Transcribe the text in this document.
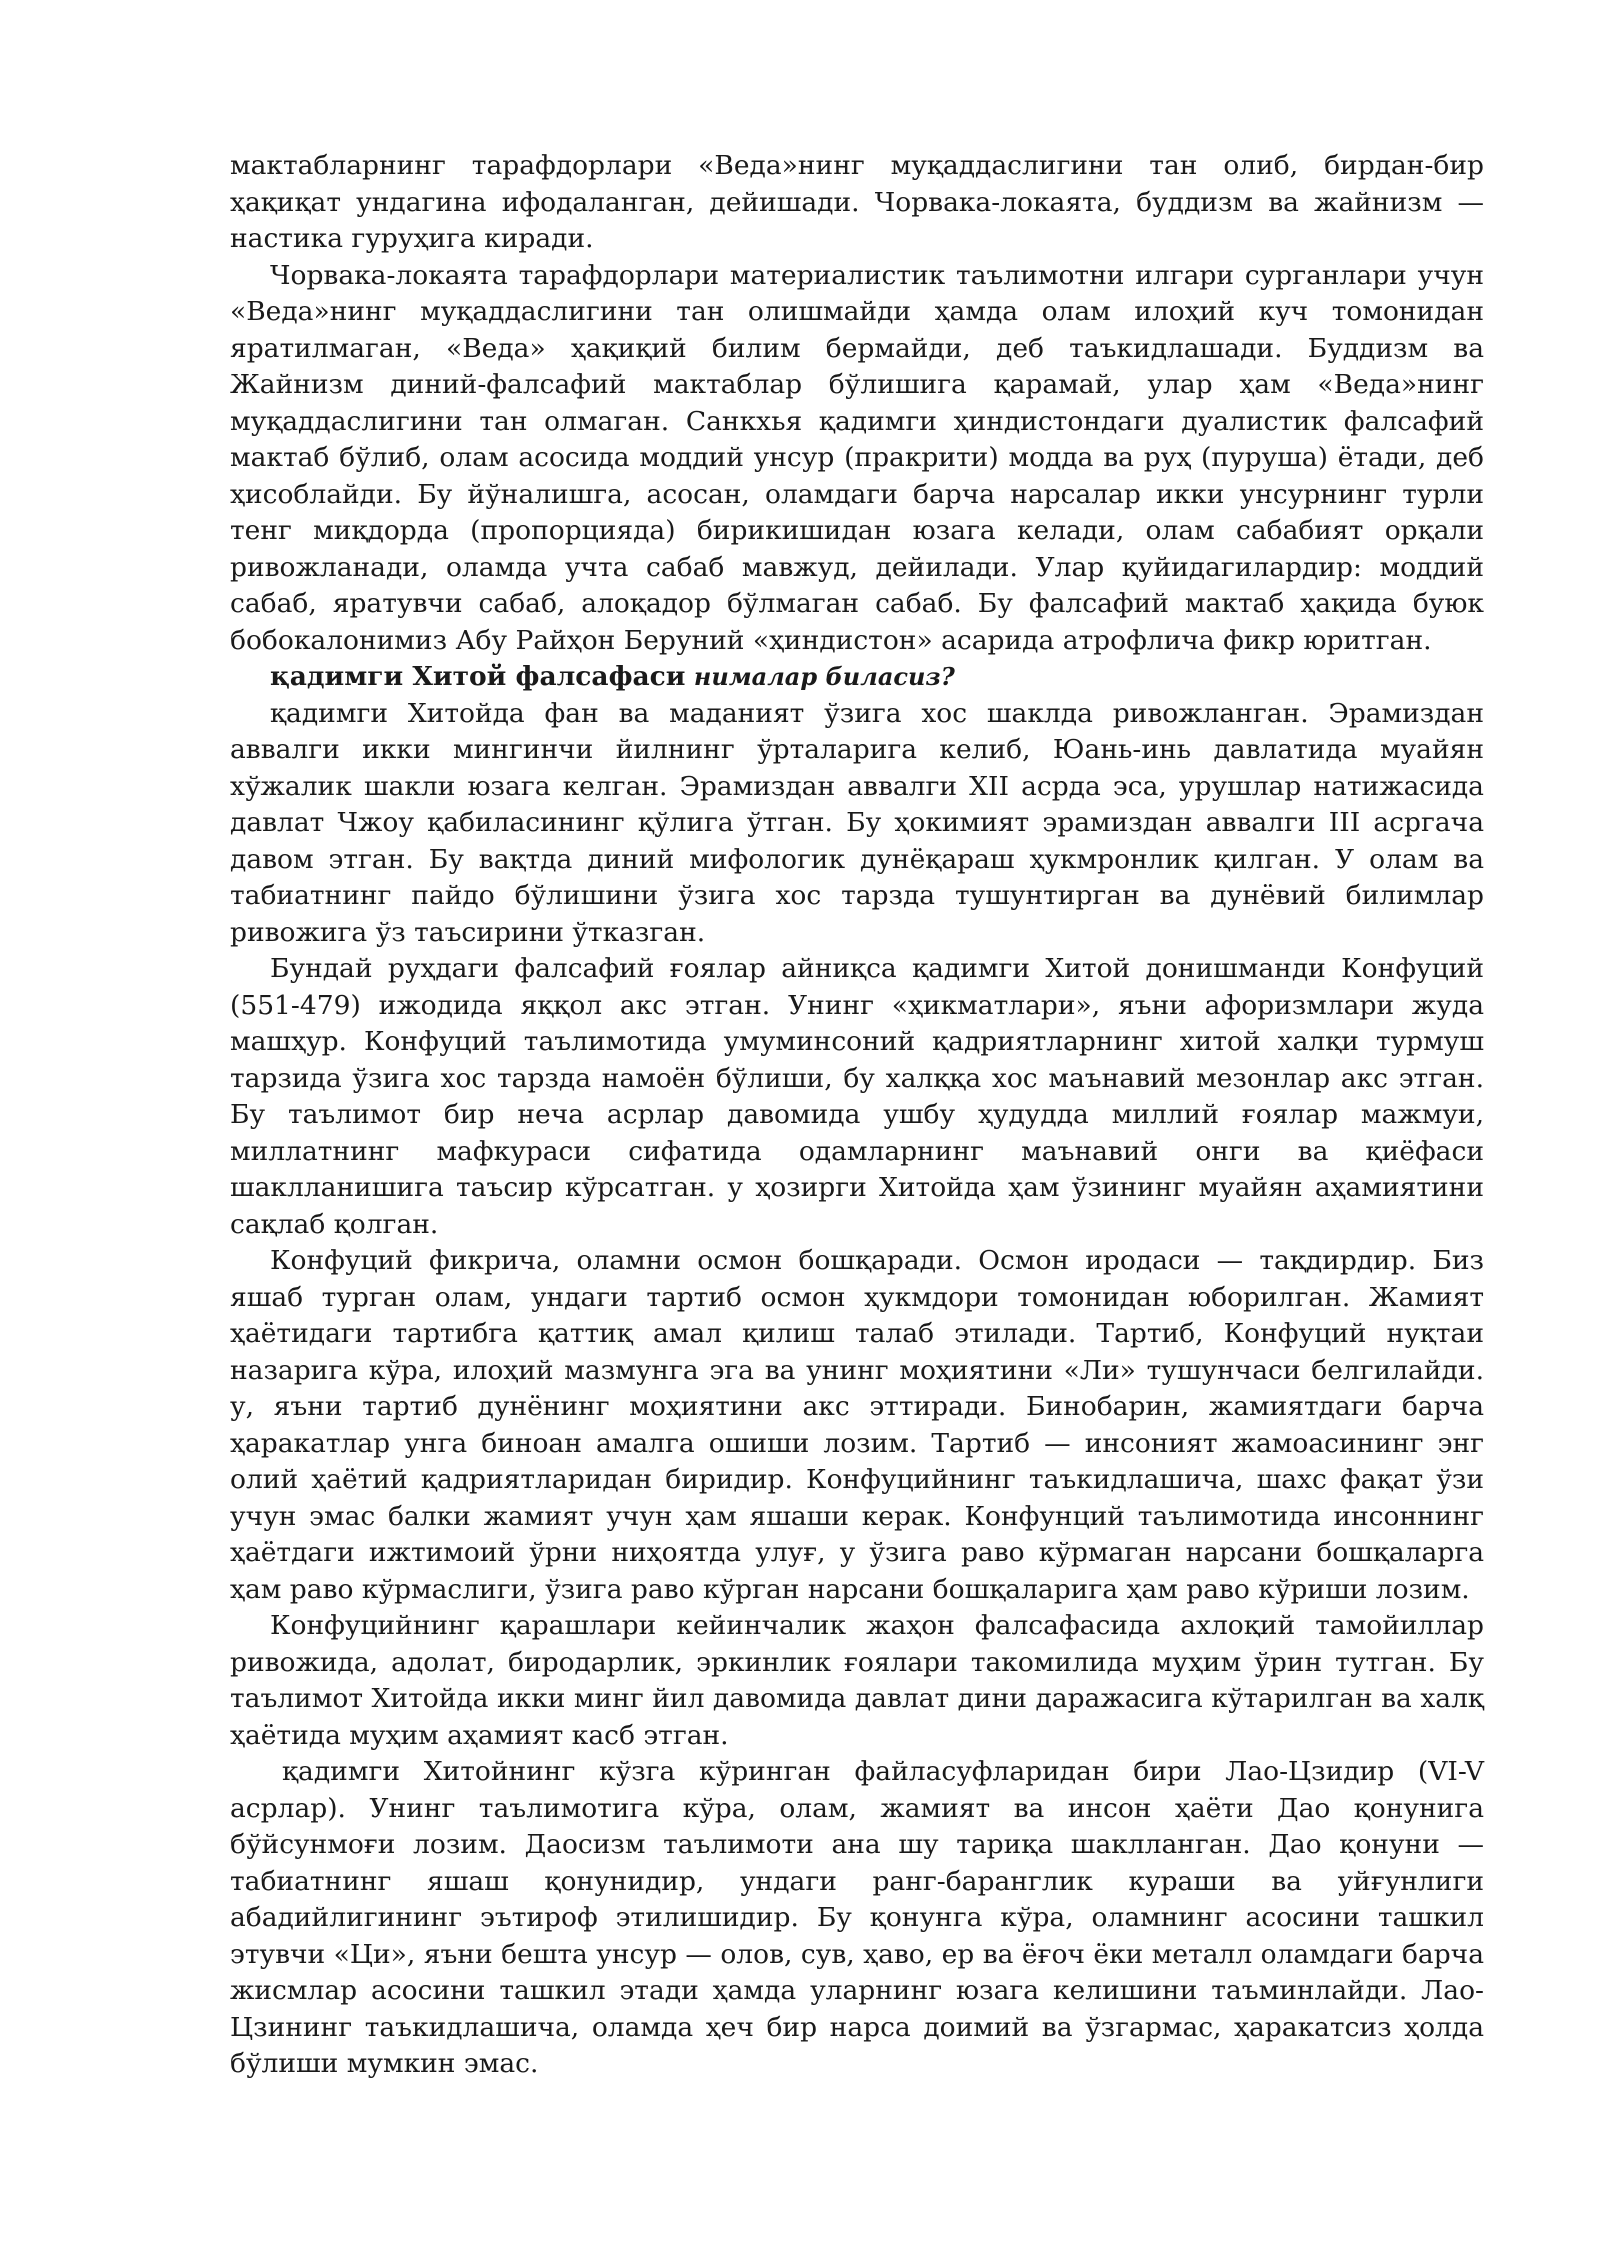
мактабларнинг тарафдорлари «Веда»нинг муқаддаслигини тан олиб, бирдан-бир ҳақиқат ундагина ифодаланган, дейишади. Чорвака-локаята, буддизм ва жайнизм — настика гуруҳига киради.

Чорвака-локаята тарафдорлари материалистик таълимотни илгари сурганлари учун «Веда»нинг муқаддаслигини тан олишмайди ҳамда олам илоҳий куч томонидан яратилмаган, «Веда» ҳақиқий билим бермайди, деб таъкидлашади. Буддизм ва Жайнизм диний-фалсафий мактаблар бўлишига қарамай, улар ҳам «Веда»нинг муқаддаслигини тан олмаган. Санкхья қадимги ҳиндистондаги дуалистик фалсафий мактаб бўлиб, олам асосида моддий унсур (пракрити) модда ва руҳ (пуруша) ётади, деб ҳисоблайди. Бу йўналишга, асосан, оламдаги барча нарсалар икки унсурнинг турли тенг миқдорда (пропорцияда) бирикишидан юзага келади, олам сабабият орқали ривожланади, оламда учта сабаб мавжуд, дейилади. Улар қуйидагилардир: моддий сабаб, яратувчи сабаб, алоқадор бўлмаган сабаб. Бу фалсафий мактаб ҳақида буюк бобокалонимиз Абу Райҳон Беруний «ҳиндистон» асарида атрофлича фикр юритган.

қадимги Хитой фалсафаси нималар биласиз?

қадимги Хитойда фан ва маданият ўзига хос шаклда ривожланган. Эрамиздан аввалги икки мингинчи йилнинг ўрталарига келиб, Юань-инь давлатида муайян хўжалик шакли юзага келган. Эрамиздан аввалги XII асрда эса, урушлар натижасида давлат Чжоу қабиласининг қўлига ўтган. Бу ҳокимият эрамиздан аввалги III асргача давом этган. Бу вақтда диний мифологик дунёқараш ҳукмронлик қилган. У олам ва табиатнинг пайдо бўлишини ўзига хос тарзда тушунтирган ва дунёвий билимлар ривожига ўз таъсирини ўтказган.

Бундай руҳдаги фалсафий ғоялар айниқса қадимги Хитой донишманди Конфуций (551-479) ижодида яққол акс этган. Унинг «ҳикматлари», яъни афоризмлари жуда машҳур. Конфуций таълимотида умуминсоний қадриятларнинг хитой халқи турмуш тарзида ўзига хос тарзда намоён бўлиши, бу халққа хос маънавий мезонлар акс этган. Бу таълимот бир неча асрлар давомида ушбу ҳудудда миллий ғоялар мажмуи, миллатнинг мафкураси сифатида одамларнинг маънавий онги ва қиёфаси шаклланишига таъсир кўрсатган. у ҳозирги Хитойда ҳам ўзининг муайян аҳамиятини сақлаб қолган.

Конфуций фикрича, оламни осмон бошқаради. Осмон иродаси — тақдирдир. Биз яшаб турган олам, ундаги тартиб осмон ҳукмдори томонидан юборилган. Жамият ҳаётидаги тартибга қаттиқ амал қилиш талаб этилади. Тартиб, Конфуций нуқтаи назарига кўра, илоҳий мазмунга эга ва унинг моҳиятини «Ли» тушунчаси белгилайди. у, яъни тартиб дунёнинг моҳиятини акс эттиради. Бинобарин, жамиятдаги барча ҳаракатлар унга биноан амалга ошиши лозим. Тартиб — инсоният жамоасининг энг олий ҳаётий қадриятларидан биридир. Конфуцийнинг таъкидлашича, шахс фақат ўзи учун эмас балки жамият учун ҳам яшаши керак. Конфунций таълимотида инсоннинг ҳаётдаги ижтимоий ўрни ниҳоятда улуғ, у ўзига раво кўрмаган нарсани бошқаларга ҳам раво кўрмаслиги, ўзига раво кўрган нарсани бошқаларига ҳам раво кўриши лозим.

Конфуцийнинг қарашлари кейинчалик жаҳон фалсафасида ахлоқий тамойиллар ривожида, адолат, биродарлик, эркинлик ғоялари такомилида муҳим ўрин тутган. Бу таълимот Хитойда икки минг йил давомида давлат дини даражасига кўтарилган ва халқ ҳаётида муҳим аҳамият касб этган.

қадимги Хитойнинг кўзга кўринган файласуфларидан бири Лао-Цзидир (VI-V асрлар). Унинг таълимотига кўра, олам, жамият ва инсон ҳаёти Дао қонунига бўйсунмоғи лозим. Даосизм таълимоти ана шу тариқа шаклланган. Дао қонуни — табиатнинг яшаш қонунидир, ундаги ранг-баранглик кураши ва уйғунлиги абадийлигининг эътироф этилишидир. Бу қонунга кўра, оламнинг асосини ташкил этувчи «Ци», яъни бешта унсур — олов, сув, ҳаво, ер ва ёғоч ёки металл оламдаги барча жисмлар асосини ташкил этади ҳамда уларнинг юзага келишини таъминлайди. Лао-Цзининг таъкидлашича, оламда ҳеч бир нарса доимий ва ўзгармас, ҳаракатсиз ҳолда бўлиши мумкин эмас.
